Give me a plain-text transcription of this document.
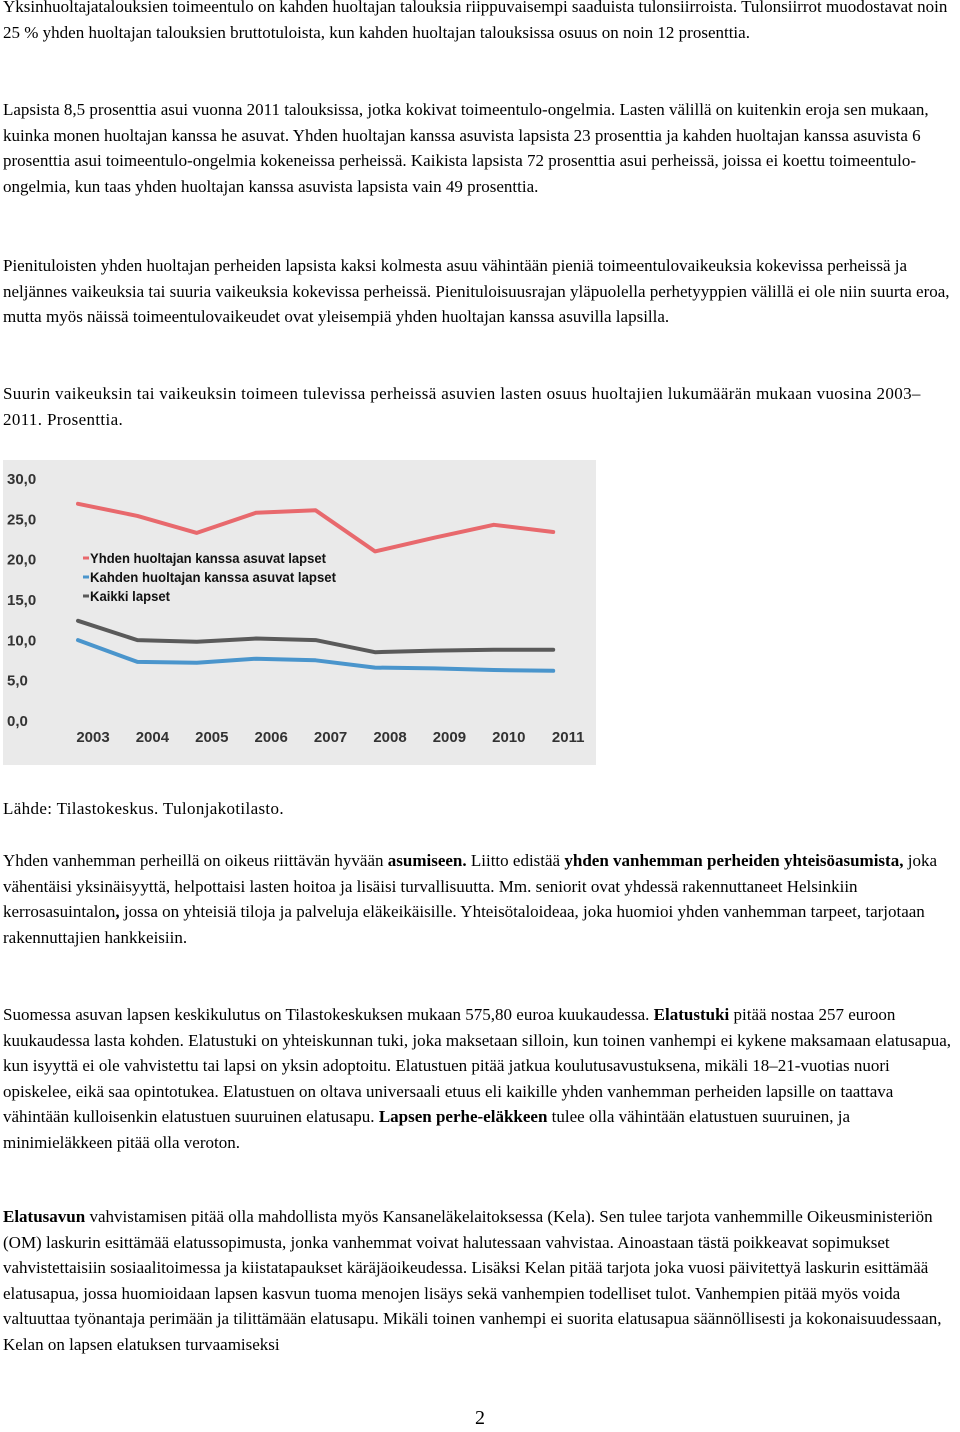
Yksinhuoltajatalouksien toimeentulo on kahden huoltajan talouksia riippuvaisempi saaduista tulonsiirroista. Tulonsiirrot muodostavat noin 25 % yhden huoltajan talouksien bruttotuloista, kun kahden huoltajan talouksissa osuus on noin 12 prosenttia.

Lapsista 8,5 prosenttia asui vuonna 2011 talouksissa, jotka kokivat toimeentulo-ongelmia. Lasten välillä on kuitenkin eroja sen mukaan, kuinka monen huoltajan kanssa he asuvat. Yhden huoltajan kanssa asuvista lapsista 23 prosenttia ja kahden huoltajan kanssa asuvista 6 prosenttia asui toimeentulo-ongelmia kokeneissa perheissä. Kaikista lapsista 72 prosenttia asui perheissä, joissa ei koettu toimeentulo-ongelmia, kun taas yhden huoltajan kanssa asuvista lapsista vain 49 prosenttia.

Pienituloisten yhden huoltajan perheiden lapsista kaksi kolmesta asuu vähintään pieniä toimeentulovaikeuksia kokevissa perheissä ja neljännes vaikeuksia tai suuria vaikeuksia kokevissa perheissä. Pienituloisuusrajan yläpuolella perhetyyppien välillä ei ole niin suurta eroa, mutta myös näissä toimeentulovaikeudet ovat yleisempiä yhden huoltajan kanssa asuvilla lapsilla.

Suurin vaikeuksin tai vaikeuksin toimeen tulevissa perheissä asuvien lasten osuus huoltajien lukumäärän mukaan vuosina 2003–2011. Prosenttia.

Lähde: Tilastokeskus. Tulonjakotilasto.

Yhden vanhemman perheillä on oikeus riittävän hyvään asumiseen. Liitto edistää yhden vanhemman perheiden yhteisöasumista, joka vähentäisi yksinäisyyttä, helpottaisi lasten hoitoa ja lisäisi turvallisuutta. Mm. seniorit ovat yhdessä rakennuttaneet Helsinkiin kerrosasuintalon, jossa on yhteisiä tiloja ja palveluja eläkeikäisille. Yhteisötaloideaa, joka huomioi yhden vanhemman tarpeet, tarjotaan rakennuttajien hankkeisiin.

Suomessa asuvan lapsen keskikulutus on Tilastokeskuksen mukaan 575,80 euroa kuukaudessa. Elatustuki pitää nostaa 257 euroon kuukaudessa lasta kohden. Elatustuki on yhteiskunnan tuki, joka maksetaan silloin, kun toinen vanhempi ei kykene maksamaan elatusapua, kun isyyttä ei ole vahvistettu tai lapsi on yksin adoptoitu. Elatustuen pitää jatkua koulutusavustuksena, mikäli 18–21-vuotias nuori opiskelee, eikä saa opintotukea. Elatustuen on oltava universaali etuus eli kaikille yhden vanhemman perheiden lapsille on taattava vähintään kulloisenkin elatustuen suuruinen elatusapu. Lapsen perhe-eläkkeen tulee olla vähintään elatustuen suuruinen, ja minimieläkkeen pitää olla veroton.

Elatusavun vahvistamisen pitää olla mahdollista myös Kansaneläkelaitoksessa (Kela). Sen tulee tarjota vanhemmille Oikeusministeriön (OM) laskurin esittämää elatussopimusta, jonka vanhemmat voivat halutessaan vahvistaa. Ainoastaan tästä poikkeavat sopimukset vahvistettaisiin sosiaalitoimessa ja kiistatapaukset käräjäoikeudessa. Lisäksi Kelan pitää tarjota joka vuosi päivitettyä laskurin esittämää elatusapua, jossa huomioidaan lapsen kasvun tuoma menojen lisäys sekä vanhempien todelliset tulot. Vanhempien pitää myös voida valtuuttaa työnantaja perimään ja tilittämään elatusapu. Mikäli toinen vanhempi ei suorita elatusapua säännöllisesti ja kokonaisuudessaan, Kelan on lapsen elatuksen turvaamiseksi

30,0
25,0
20,0
15,0
10,0
5,0
0,0
2003 2004 2005 2006 2007 2008 2009 2010 2011
Yhden huoltajan kanssa asuvat lapset
Kahden huoltajan kanssa asuvat lapset
Kaikki lapset
2
